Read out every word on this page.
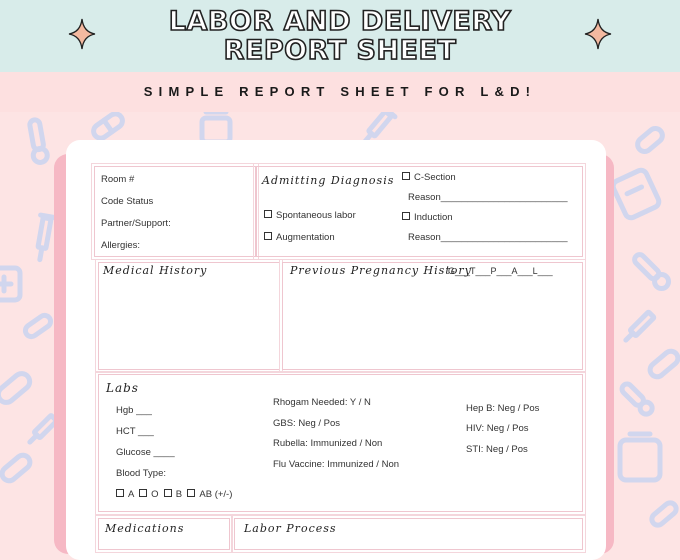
LABOR AND DELIVERY
REPORT SHEET
SIMPLE REPORT SHEET FOR L&D!
Room #
Code Status
Partner/Support:
Allergies:
Admitting Diagnosis
Spontaneous labor
Augmentation
C-Section
Reason________________________
Induction
Reason________________________
Medical History	Previous Pregnancy History
G___T___P___A___L___
Labs
Hgb ___
HCT ___
Glucose ____
Blood Type:
A O B AB (+/-)
Rhogam Needed: Y / N
GBS: Neg / Pos
Rubella: Immunized / Non
Flu Vaccine: Immunized / Non
Hep B: Neg / Pos
HIV: Neg / Pos
STI: Neg / Pos
Medications	Labor Process
